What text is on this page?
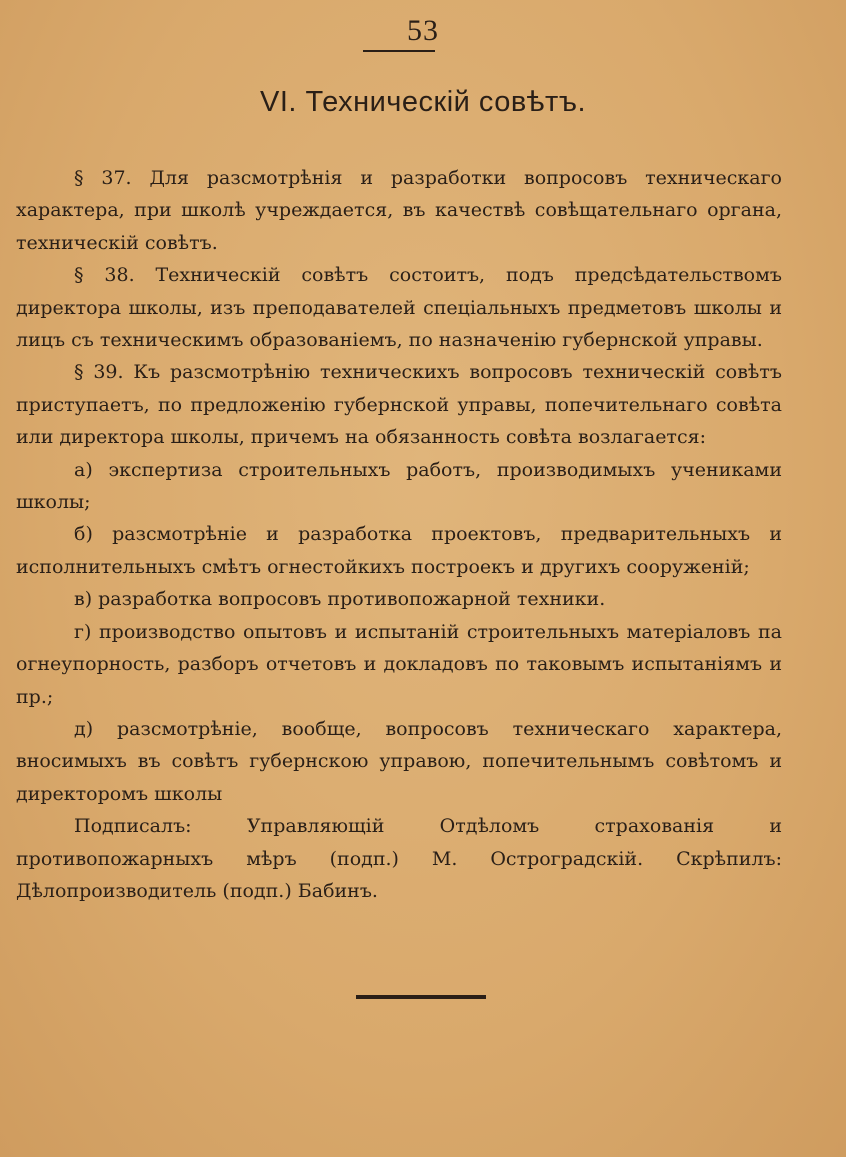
53
VI. Техническій совѣтъ.

§ 37. Для разсмотрѣнія и разработки вопросовъ техническаго характера, при школѣ учреждается, въ качествѣ совѣщательнаго органа, техническій совѣтъ.

§ 38. Техническій совѣтъ состоитъ, подъ предсѣдательствомъ директора школы, изъ преподавателей спеціальныхъ предметовъ школы и лицъ съ техническимъ образованіемъ, по назначенію губернской управы.

§ 39. Къ разсмотрѣнію техническихъ вопросовъ техническій совѣтъ приступаетъ, по предложенію губернской управы, попечительнаго совѣта или директора школы, причемъ на обязанность совѣта возлагается:

а) экспертиза строительныхъ работъ, производимыхъ учениками школы;

б) разсмотрѣніе и разработка проектовъ, предварительныхъ и исполнительныхъ смѣтъ огнестойкихъ построекъ и другихъ сооруженій;

в) разработка вопросовъ противопожарной техники.

г) производство опытовъ и испытаній строительныхъ матеріаловъ па огнеупорность, разборъ отчетовъ и докладовъ по таковымъ испытаніямъ и пр.;

д) разсмотрѣніе, вообще, вопросовъ техническаго характера, вносимыхъ въ совѣтъ губернскою управою, попечительнымъ совѣтомъ и директоромъ школы

Подписалъ: Управляющій Отдѣломъ страхованія и противопожарныхъ мѣръ (подп.) М. Остроградскій. Скрѣпилъ: Дѣлопроизводитель (подп.) Бабинъ.
